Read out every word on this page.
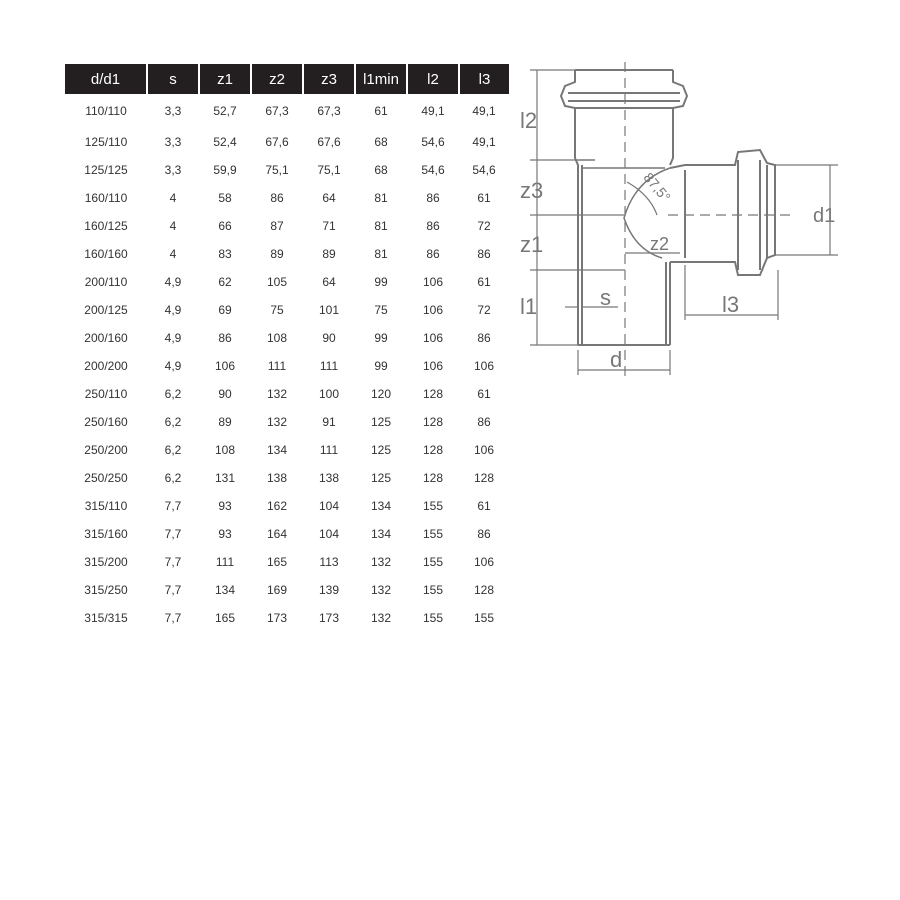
d/d1	s	z1	z2	z3	l1min	l2	l3
110/110	3,3	52,7	67,3	67,3	61	49,1	49,1
125/110	3,3	52,4	67,6	67,6	68	54,6	49,1
125/125	3,3	59,9	75,1	75,1	68	54,6	54,6
160/110	4	58	86	64	81	86	61
160/125	4	66	87	71	81	86	72
160/160	4	83	89	89	81	86	86
200/110	4,9	62	105	64	99	106	61
200/125	4,9	69	75	101	75	106	72
200/160	4,9	86	108	90	99	106	86
200/200	4,9	106	111	111	99	106	106
250/110	6,2	90	132	100	120	128	61
250/160	6,2	89	132	91	125	128	86
250/200	6,2	108	134	111	125	128	106
250/250	6,2	131	138	138	125	128	128
315/110	7,7	93	162	104	134	155	61
315/160	7,7	93	164	104	134	155	86
315/200	7,7	111	165	113	132	155	106
315/250	7,7	134	169	139	132	155	128
315/315	7,7	165	173	173	132	155	155
l2
z3
z1
l1	s
d
d1
l3
z2
87,5°
